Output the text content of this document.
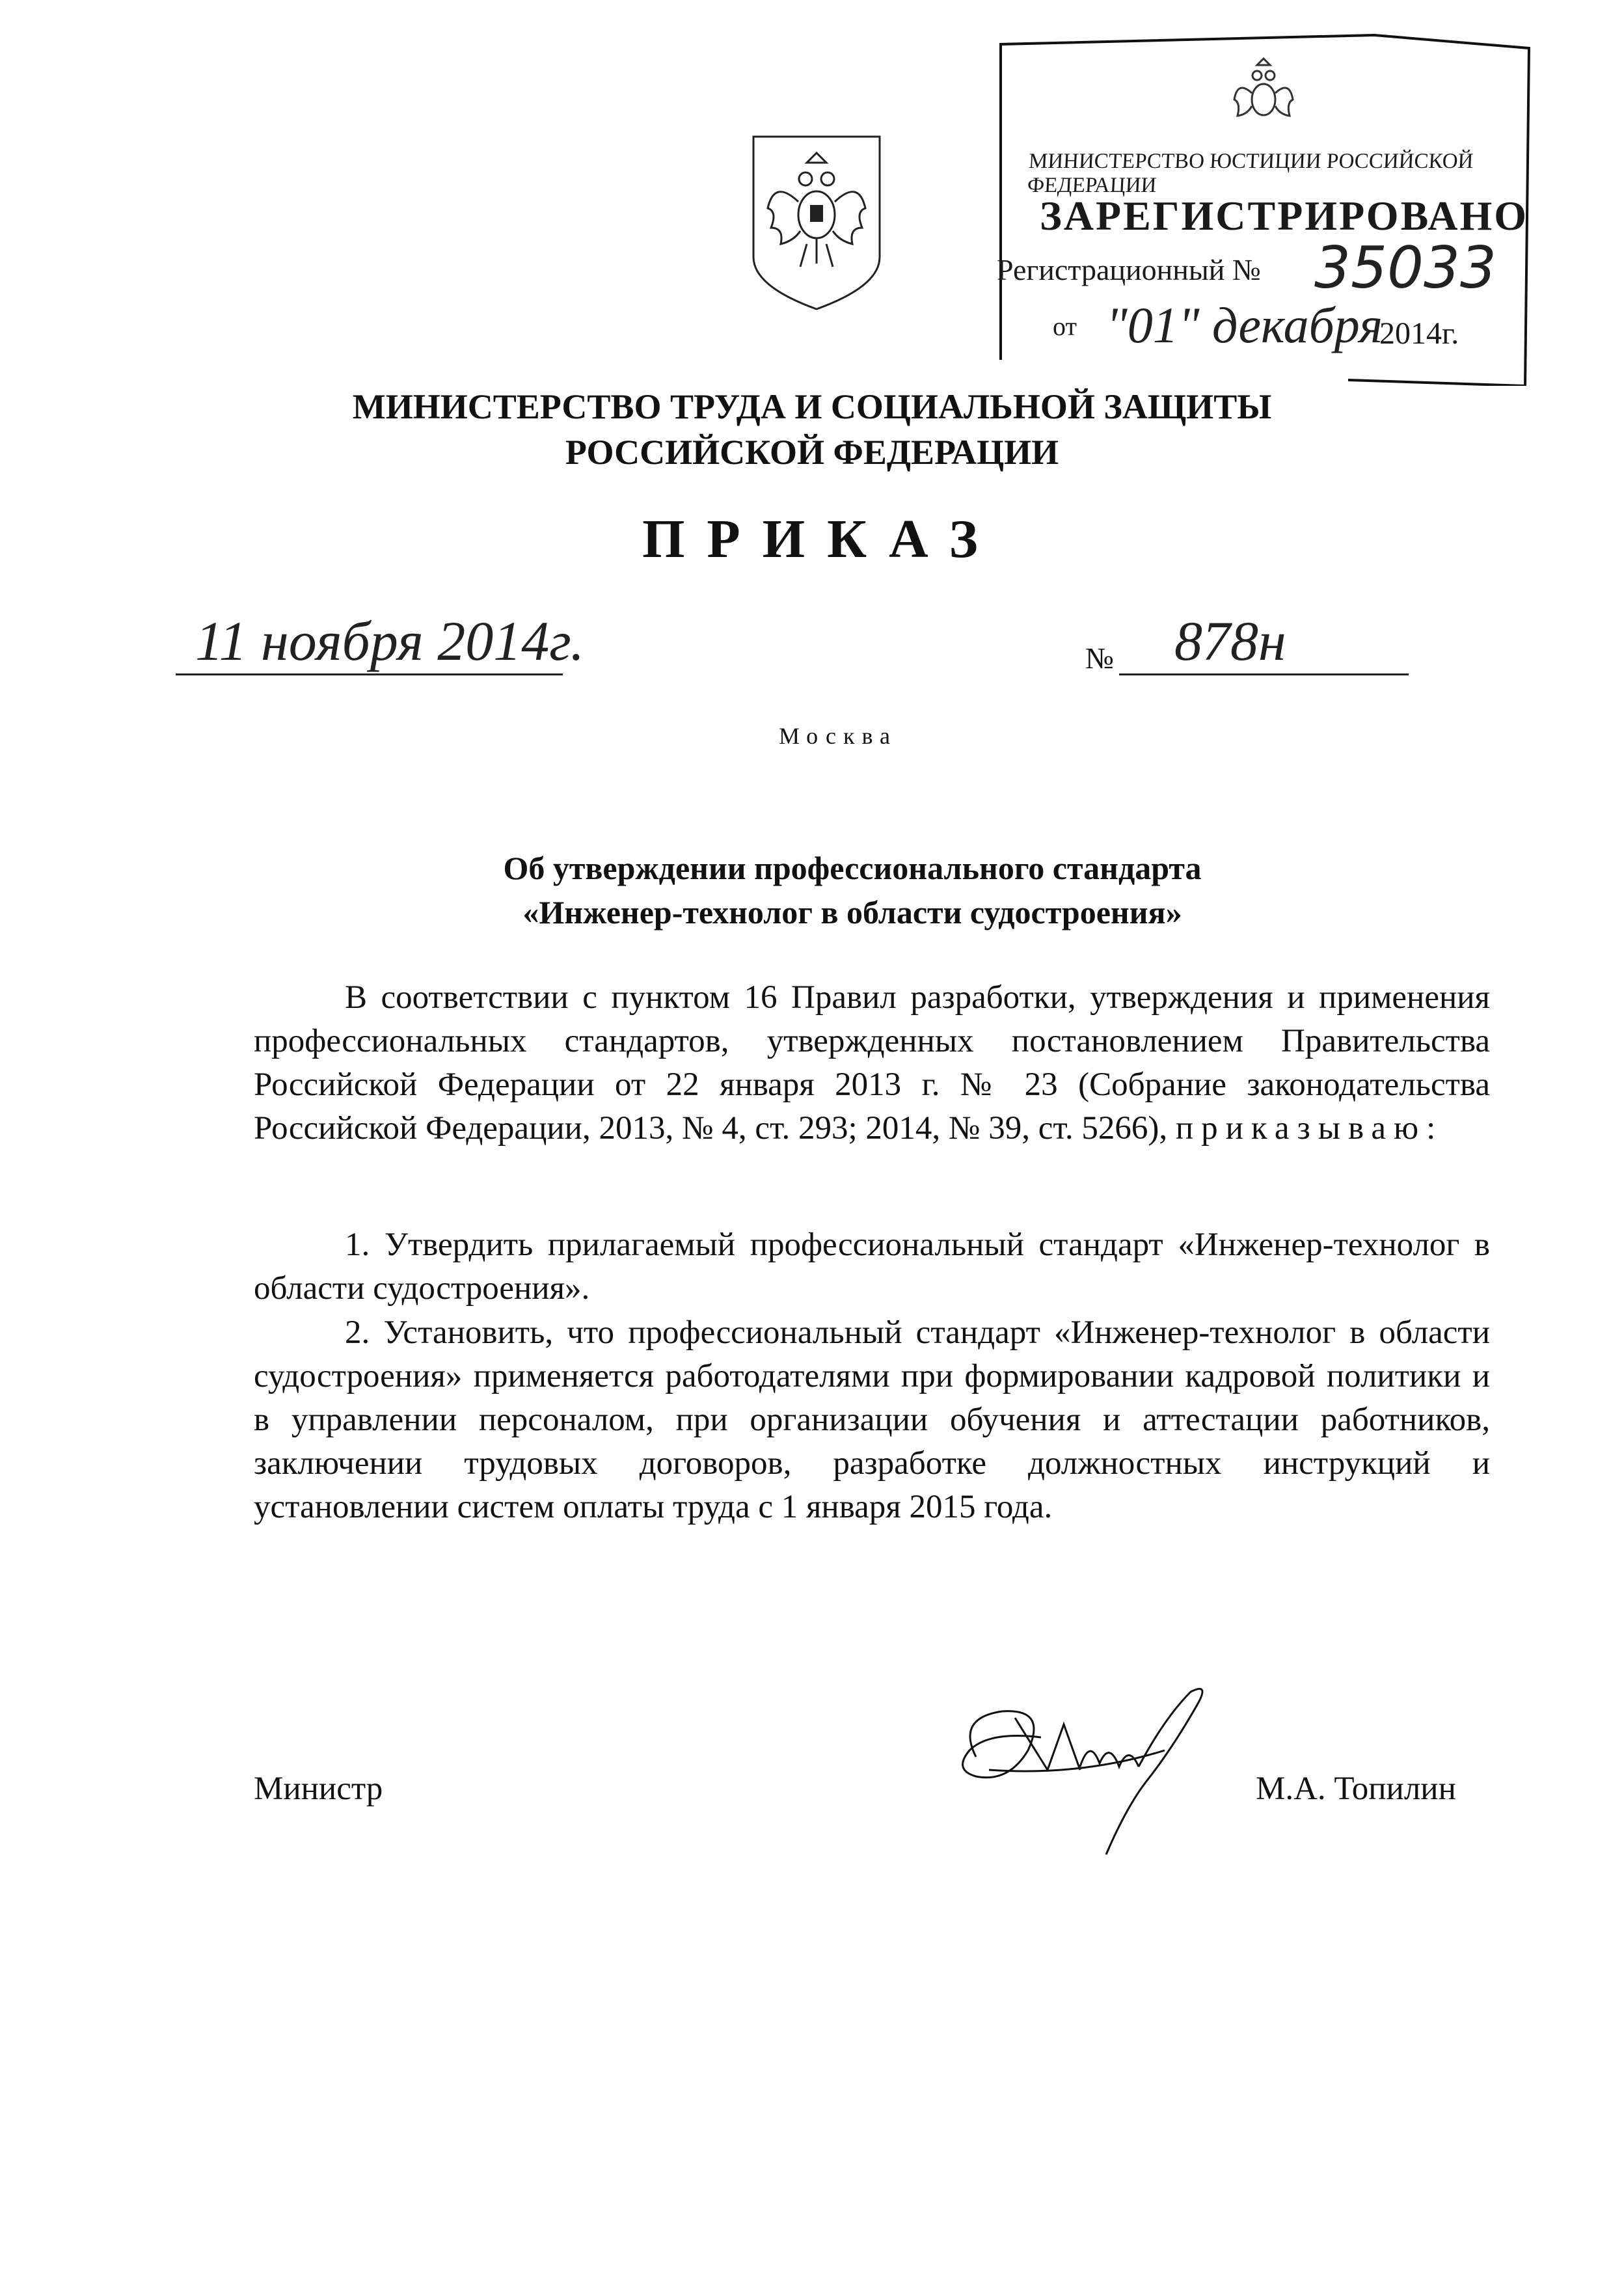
МИНИСТЕРСТВО ЮСТИЦИИ РОССИЙСКОЙ ФЕДЕРАЦИИ
ЗАРЕГИСТРИРОВАНО
Регистрационный № 35033
от "01" декабря
2014г.
МИНИСТЕРСТВО ТРУДА И СОЦИАЛЬНОЙ ЗАЩИТЫ
РОССИЙСКОЙ ФЕДЕРАЦИИ
ПРИКАЗ
11 ноября 2014г.	№ 878н
Москва
Об утверждении профессионального стандарта
«Инженер-технолог в области судостроения»
В соответствии с пунктом 16 Правил разработки, утверждения и применения профессиональных стандартов, утвержденных постановлением Правительства Российской Федерации от 22 января 2013 г. № 23 (Собрание законодательства Российской Федерации, 2013, № 4, ст. 293; 2014, № 39, ст. 5266), приказываю:
1. Утвердить прилагаемый профессиональный стандарт «Инженер-технолог в области судостроения».
2. Установить, что профессиональный стандарт «Инженер-технолог в области судостроения» применяется работодателями при формировании кадровой политики и в управлении персоналом, при организации обучения и аттестации работников, заключении трудовых договоров, разработке должностных инструкций и установлении систем оплаты труда с 1 января 2015 года.
Министр	М.А. Топилин
